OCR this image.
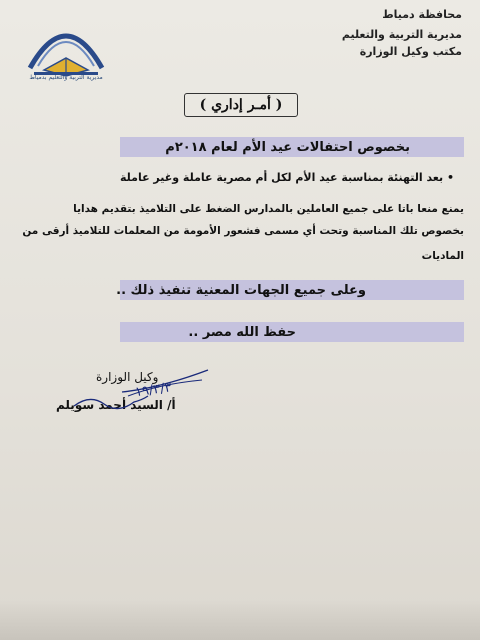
محافظة دمياط
مديرية التربية والتعليم
مكتب وكيل الوزارة
مديرية التربية والتعليم بدمياط
( أمـر إداري )
بخصوص احتفالات عيد الأم لعام ٢٠١٨م
• بعد التهنئة بمناسبة عيد الأم لكل أم مصرية عاملة وغير عاملة
يمنع منعا باتا على جميع العاملين بالمدارس الضغط على التلاميذ بتقديم هدايا
بخصوص تلك المناسبة وتحت أي مسمى فشعور الأمومة من المعلمات للتلاميذ أرقى من
الماديات
وعلى جميع الجهات المعنية تنفيذ ذلك ..
حفظ الله مصر ..
وكيل الوزارة
١٩/٣/٣
أ/ السيد أحمد سويلم
